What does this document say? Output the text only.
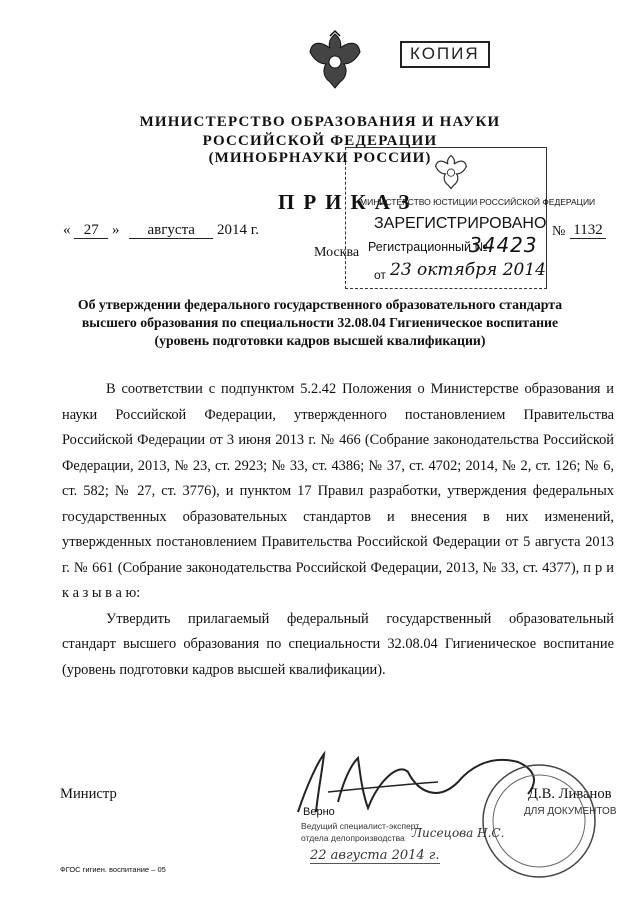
КОПИЯ
МИНИСТЕРСТВО ОБРАЗОВАНИЯ И НАУКИ
РОССИЙСКОЙ ФЕДЕРАЦИИ
(МИНОБРНАУКИ РОССИИ)
ПРИКАЗ
« 27 » августа 2014 г.
Москва
№ 1132
МИНИСТЕРСТВО ЮСТИЦИИ РОССИЙСКОЙ ФЕДЕРАЦИИ
ЗАРЕГИСТРИРОВАНО
Регистрационный №
34423
от 23 октября 2014
Об утверждении федерального государственного образовательного стандарта
высшего образования по специальности 32.08.04 Гигиеническое воспитание
(уровень подготовки кадров высшей квалификации)

В соответствии с подпунктом 5.2.42 Положения о Министерстве образования и науки Российской Федерации, утвержденного постановлением Правительства Российской Федерации от 3 июня 2013 г. № 466 (Собрание законодательства Российской Федерации, 2013, № 23, ст. 2923; № 33, ст. 4386; № 37, ст. 4702; 2014, № 2, ст. 126; № 6, ст. 582; № 27, ст. 3776), и пунктом 17 Правил разработки, утверждения федеральных государственных образовательных стандартов и внесения в них изменений, утвержденных постановлением Правительства Российской Федерации от 5 августа 2013 г. № 661 (Собрание законодательства Российской Федерации, 2013, № 33, ст. 4377), п р и к а з ы в а ю:

Утвердить прилагаемый федеральный государственный образовательный стандарт высшего образования по специальности 32.08.04 Гигиеническое воспитание (уровень подготовки кадров высшей квалификации).

Министр	Д.В. Ливанов
ДЛЯ ДОКУМЕНТОВ
Верно
Ведущий специалист-эксперт
отдела делопроизводства Лисецова Н.С.
22 августа 2014 г.
ФГОС гигиен. воспитание – 05
